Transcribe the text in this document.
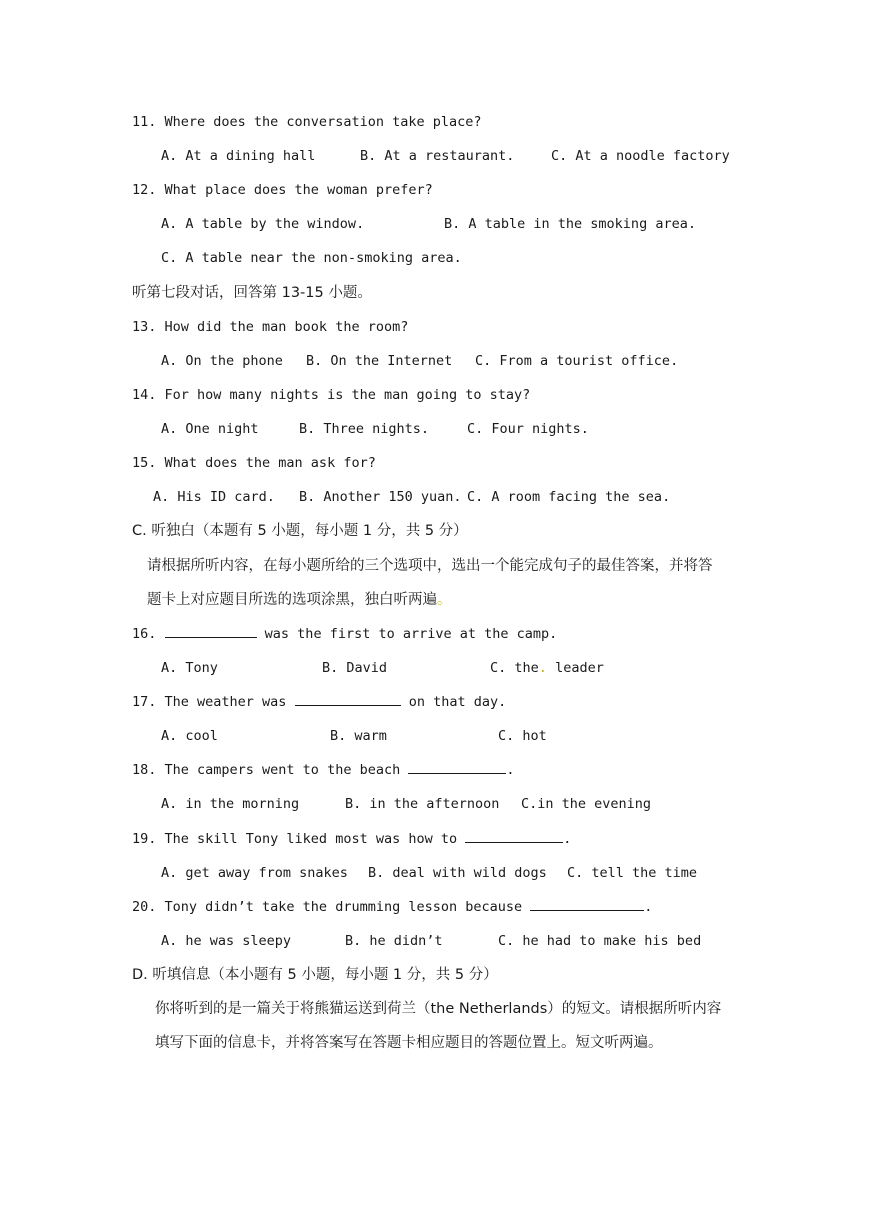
11. Where does the conversation take place?
A. At a dining hall	B. At a restaurant.	C. At a noodle factory
12. What place does the woman prefer?
A. A table by the window.	B. A table in the smoking area.
C. A table near the non-smoking area.
听第七段对话，回答第 13-15 小题。
13. How did the man book the room?
A. On the phone B. On the Internet C. From a tourist office.
14. For how many nights is the man going to stay?
A. One night	B. Three nights.	C. Four nights.
15. What does the man ask for?
A. His ID card. B. Another 150 yuan. C. A room facing the sea.
C. 听独白（本题有 5 小题，每小题 1 分，共 5 分）
请根据所听内容，在每小题所给的三个选项中，选出一个能完成句子的最佳答案，并将答
题卡上对应题目所选的选项涂黑，独白听两遍。
16.	was the first to arrive at the camp.
A. Tony	B. David	C. the. leader
17. The weather was	on that day.
A. cool	B. warm	C. hot
18. The campers went to the beach	.
A. in the morning	B. in the afternoon C.in the evening
19. The skill Tony liked most was how to	.
A. get away from snakes B. deal with wild dogs C. tell the time
20. Tony didn’t take the drumming lesson because	.
A. he was sleepy	B. he didn’t	C. he had to make his bed
D. 听填信息（本小题有 5 小题，每小题 1 分，共 5 分）
你将听到的是一篇关于将熊猫运送到荷兰（the Netherlands）的短文。请根据所听内容
填写下面的信息卡，并将答案写在答题卡相应题目的答题位置上。短文听两遍。
